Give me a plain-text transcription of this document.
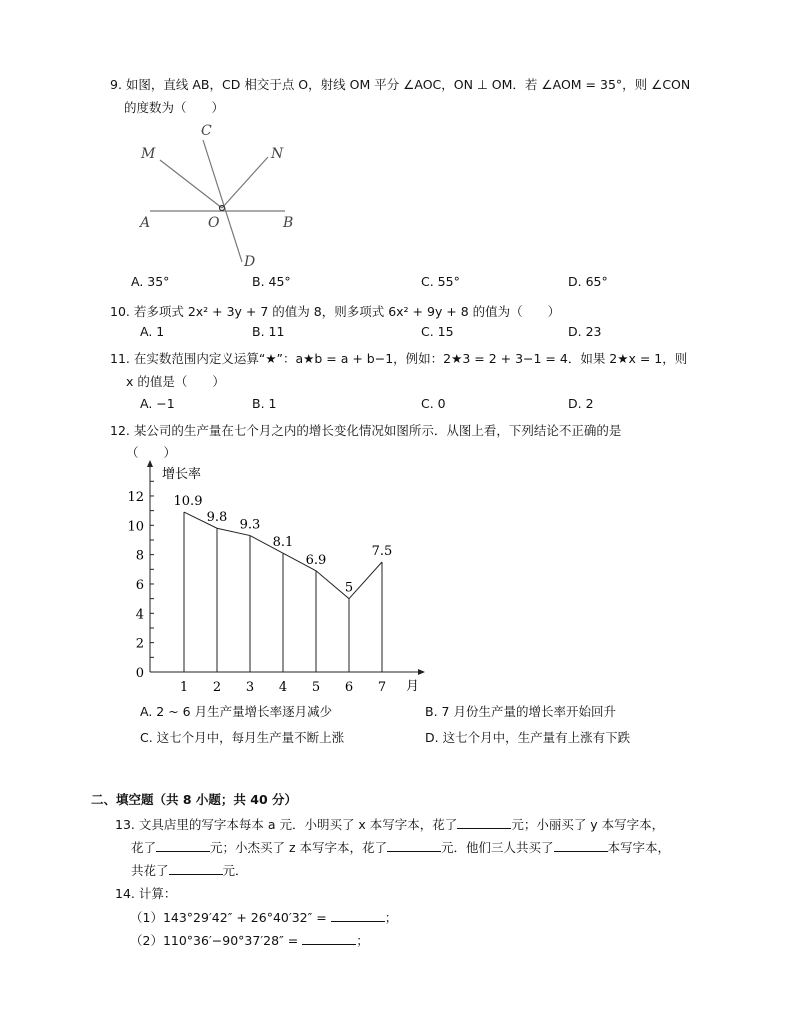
9. 如图，直线 AB，CD 相交于点 O，射线 OM 平分 ∠AOC，ON ⊥ OM．若 ∠AOM = 35°，则 ∠CON
的度数为（　　）
A	O	B
C
M	N
D
A. 35°	B. 45°	C. 55°	D. 65°
10. 若多项式 2x² + 3y + 7 的值为 8，则多项式 6x² + 9y + 8 的值为（　　）
A. 1	B. 11	C. 15	D. 23
11. 在实数范围内定义运算“★”：a★b = a + b−1，例如：2★3 = 2 + 3−1 = 4．如果 2★x = 1，则
x 的值是（　　）
A. −1	B. 1	C. 0	D. 2
12. 某公司的生产量在七个月之内的增长变化情况如图所示．从图上看，下列结论不正确的是
（　　）
0
2
4
6
8
10
12
增长率
月
1
10.9
2
9.8
3
9.3
4
8.1
5
6.9
6
5
7
7.5
A. 2 ~ 6 月生产量增长率逐月减少	B. 7 月份生产量的增长率开始回升
C. 这七个月中，每月生产量不断上涨	D. 这七个月中，生产量有上涨有下跌
二、填空题（共 8 小题；共 40 分）
13. 文具店里的写字本每本 a 元．小明买了 x 本写字本，花了	元；小丽买了 y 本写字本，
花了	元；小杰买了 z 本写字本，花了	元．他们三人共买了	本写字本，
共花了	元．
14. 计算：
（1）143°29′42″ + 26°40′32″ =	；
（2）110°36′−90°37′28″ =	；
